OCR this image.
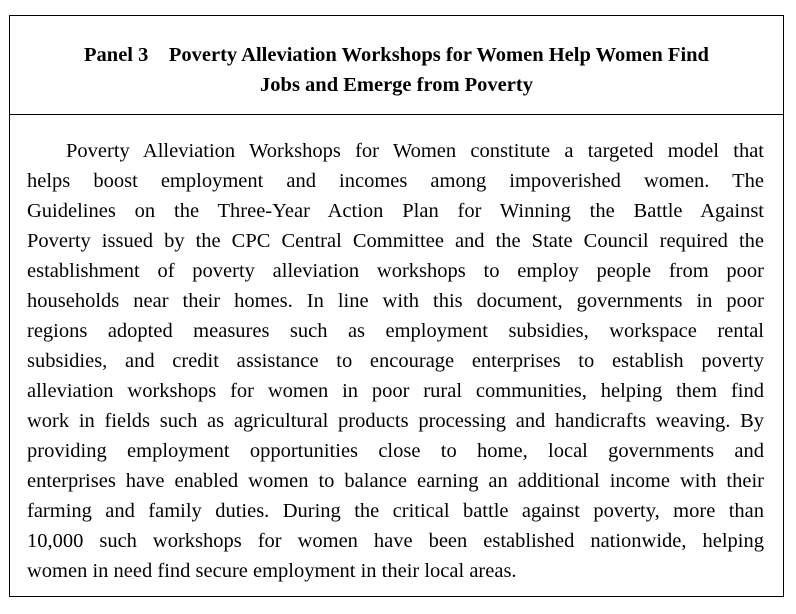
Panel 3    Poverty Alleviation Workshops for Women Help Women Find
Jobs and Emerge from Poverty
Poverty Alleviation Workshops for Women constitute a targeted model that
helps boost employment and incomes among impoverished women. The
Guidelines on the Three-Year Action Plan for Winning the Battle Against
Poverty issued by the CPC Central Committee and the State Council required the
establishment of poverty alleviation workshops to employ people from poor
households near their homes. In line with this document, governments in poor
regions adopted measures such as employment subsidies, workspace rental
subsidies, and credit assistance to encourage enterprises to establish poverty
alleviation workshops for women in poor rural communities, helping them find
work in fields such as agricultural products processing and handicrafts weaving. By
providing employment opportunities close to home, local governments and
enterprises have enabled women to balance earning an additional income with their
farming and family duties. During the critical battle against poverty, more than
10,000 such workshops for women have been established nationwide, helping
women in need find secure employment in their local areas.
